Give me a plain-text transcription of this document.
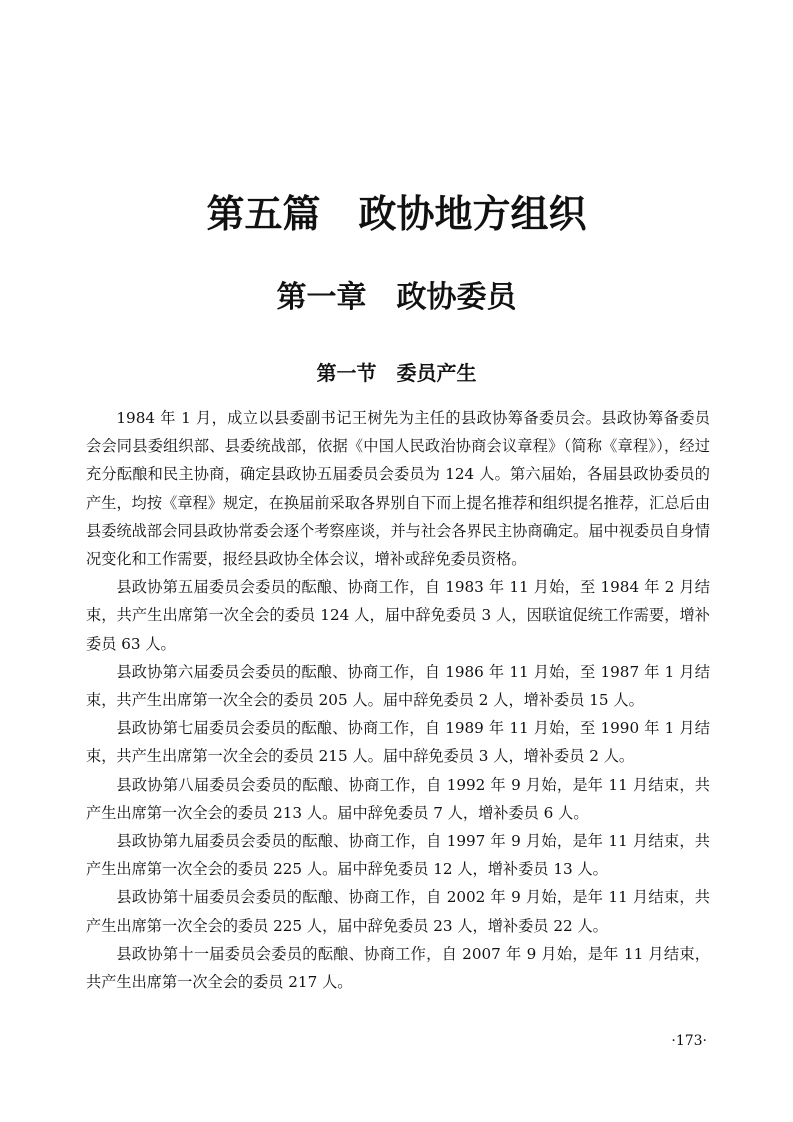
第五篇　政协地方组织
第一章　政协委员
第一节　委员产生

1984 年 1 月，成立以县委副书记王树先为主任的县政协筹备委员会。县政协筹备委员会会同县委组织部、县委统战部，依据《中国人民政治协商会议章程》（简称《章程》），经过充分酝酿和民主协商，确定县政协五届委员会委员为 124 人。第六届始，各届县政协委员的产生，均按《章程》规定，在换届前采取各界别自下而上提名推荐和组织提名推荐，汇总后由县委统战部会同县政协常委会逐个考察座谈，并与社会各界民主协商确定。届中视委员自身情况变化和工作需要，报经县政协全体会议，增补或辞免委员资格。

县政协第五届委员会委员的酝酿、协商工作，自 1983 年 11 月始，至 1984 年 2 月结束，共产生出席第一次全会的委员 124 人，届中辞免委员 3 人，因联谊促统工作需要，增补委员 63 人。

县政协第六届委员会委员的酝酿、协商工作，自 1986 年 11 月始，至 1987 年 1 月结束，共产生出席第一次全会的委员 205 人。届中辞免委员 2 人，增补委员 15 人。

县政协第七届委员会委员的酝酿、协商工作，自 1989 年 11 月始，至 1990 年 1 月结束，共产生出席第一次全会的委员 215 人。届中辞免委员 3 人，增补委员 2 人。

县政协第八届委员会委员的酝酿、协商工作，自 1992 年 9 月始，是年 11 月结束，共产生出席第一次全会的委员 213 人。届中辞免委员 7 人，增补委员 6 人。

县政协第九届委员会委员的酝酿、协商工作，自 1997 年 9 月始，是年 11 月结束，共产生出席第一次全会的委员 225 人。届中辞免委员 12 人，增补委员 13 人。

县政协第十届委员会委员的酝酿、协商工作，自 2002 年 9 月始，是年 11 月结束，共产生出席第一次全会的委员 225 人，届中辞免委员 23 人，增补委员 22 人。

县政协第十一届委员会委员的酝酿、协商工作，自 2007 年 9 月始，是年 11 月结束，共产生出席第一次全会的委员 217 人。

·173·
